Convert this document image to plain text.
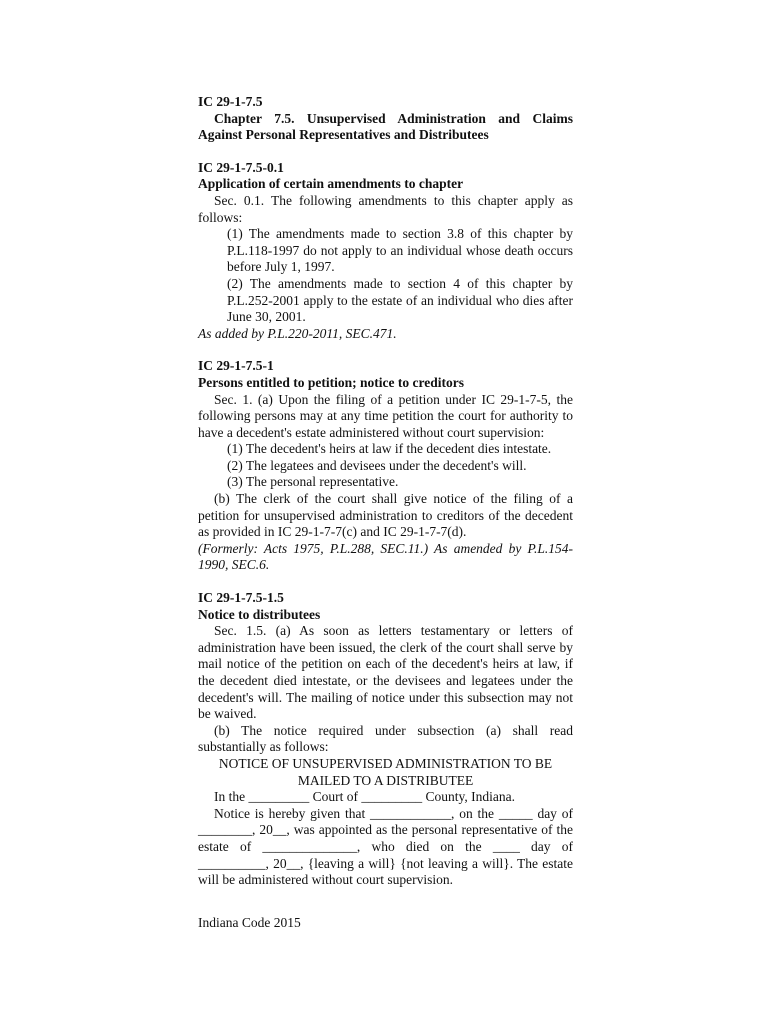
IC 29-1-7.5

Chapter 7.5. Unsupervised Administration and Claims Against Personal Representatives and Distributees

IC 29-1-7.5-0.1

Application of certain amendments to chapter

Sec. 0.1. The following amendments to this chapter apply as follows:

(1) The amendments made to section 3.8 of this chapter by P.L.118-1997 do not apply to an individual whose death occurs before July 1, 1997.

(2) The amendments made to section 4 of this chapter by P.L.252-2001 apply to the estate of an individual who dies after June 30, 2001.

As added by P.L.220-2011, SEC.471.

IC 29-1-7.5-1

Persons entitled to petition; notice to creditors

Sec. 1. (a) Upon the filing of a petition under IC 29-1-7-5, the following persons may at any time petition the court for authority to have a decedent's estate administered without court supervision:

(1) The decedent's heirs at law if the decedent dies intestate.

(2) The legatees and devisees under the decedent's will.

(3) The personal representative.

(b) The clerk of the court shall give notice of the filing of a petition for unsupervised administration to creditors of the decedent as provided in IC 29-1-7-7(c) and IC 29-1-7-7(d).

(Formerly: Acts 1975, P.L.288, SEC.11.) As amended by P.L.154-1990, SEC.6.

IC 29-1-7.5-1.5

Notice to distributees

Sec. 1.5. (a) As soon as letters testamentary or letters of administration have been issued, the clerk of the court shall serve by mail notice of the petition on each of the decedent's heirs at law, if the decedent died intestate, or the devisees and legatees under the decedent's will. The mailing of notice under this subsection may not be waived.

(b) The notice required under subsection (a) shall read substantially as follows:

NOTICE OF UNSUPERVISED ADMINISTRATION TO BE

MAILED TO A DISTRIBUTEE

In the _________ Court of _________ County, Indiana.

Notice is hereby given that ____________, on the _____ day of ________, 20__, was appointed as the personal representative of the estate of ______________, who died on the ____ day of __________, 20__, {leaving a will} {not leaving a will}. The estate will be administered without court supervision.

Indiana Code 2015
